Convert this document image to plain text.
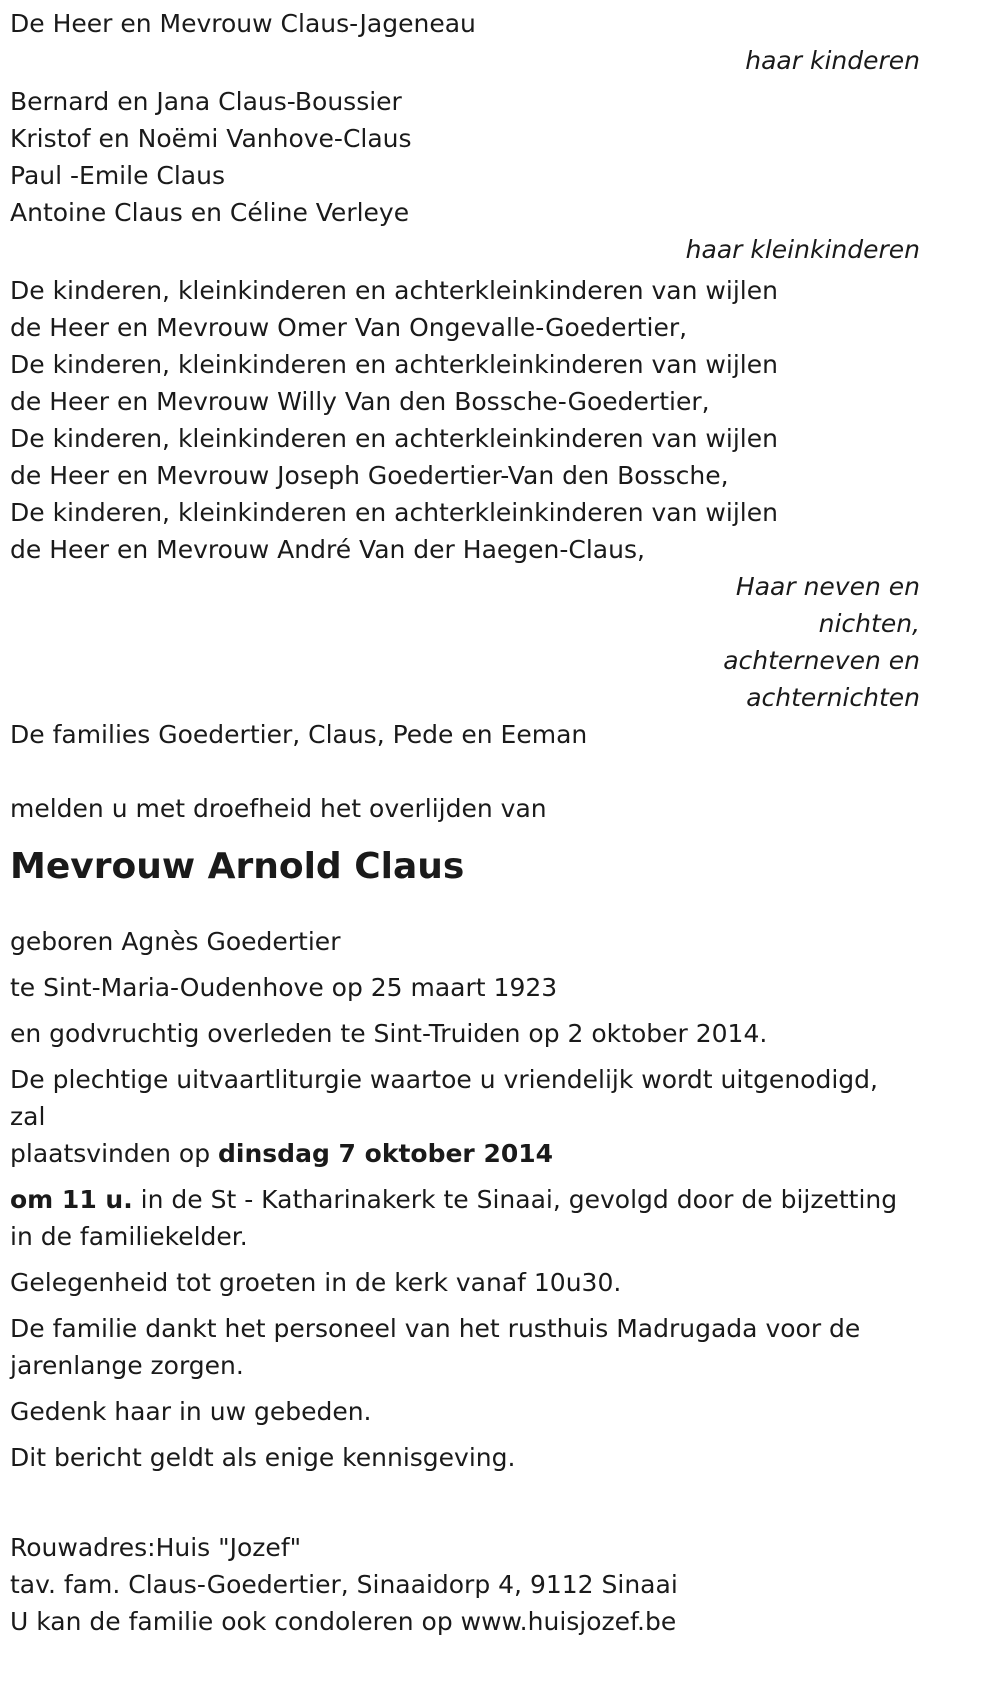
De Heer en Mevrouw Claus-Jageneau
haar kinderen
Bernard en Jana Claus-Boussier
Kristof en Noëmi Vanhove-Claus
Paul -Emile Claus
Antoine Claus en Céline Verleye
haar kleinkinderen
De kinderen, kleinkinderen en achterkleinkinderen van wijlen
de Heer en Mevrouw Omer Van Ongevalle-Goedertier,
De kinderen, kleinkinderen en achterkleinkinderen van wijlen
de Heer en Mevrouw Willy Van den Bossche-Goedertier,
De kinderen, kleinkinderen en achterkleinkinderen van wijlen
de Heer en Mevrouw Joseph Goedertier-Van den Bossche,
De kinderen, kleinkinderen en achterkleinkinderen van wijlen
de Heer en Mevrouw André Van der Haegen-Claus,
Haar neven en
nichten,
achterneven en
achternichten
De families Goedertier, Claus, Pede en Eeman
melden u met droefheid het overlijden van
Mevrouw Arnold Claus
geboren Agnès Goedertier
te Sint-Maria-Oudenhove op 25 maart 1923
en godvruchtig overleden te Sint-Truiden op 2 oktober 2014.
De plechtige uitvaartliturgie waartoe u vriendelijk wordt uitgenodigd, zal
plaatsvinden op dinsdag 7 oktober 2014
om 11 u. in de St - Katharinakerk te Sinaai, gevolgd door de bijzetting in de familiekelder.
Gelegenheid tot groeten in de kerk vanaf 10u30.
De familie dankt het personeel van het rusthuis Madrugada voor de jarenlange zorgen.
Gedenk haar in uw gebeden.
Dit bericht geldt als enige kennisgeving.
Rouwadres:Huis "Jozef"
tav. fam. Claus-Goedertier, Sinaaidorp 4, 9112 Sinaai
U kan de familie ook condoleren op www.huisjozef.be
